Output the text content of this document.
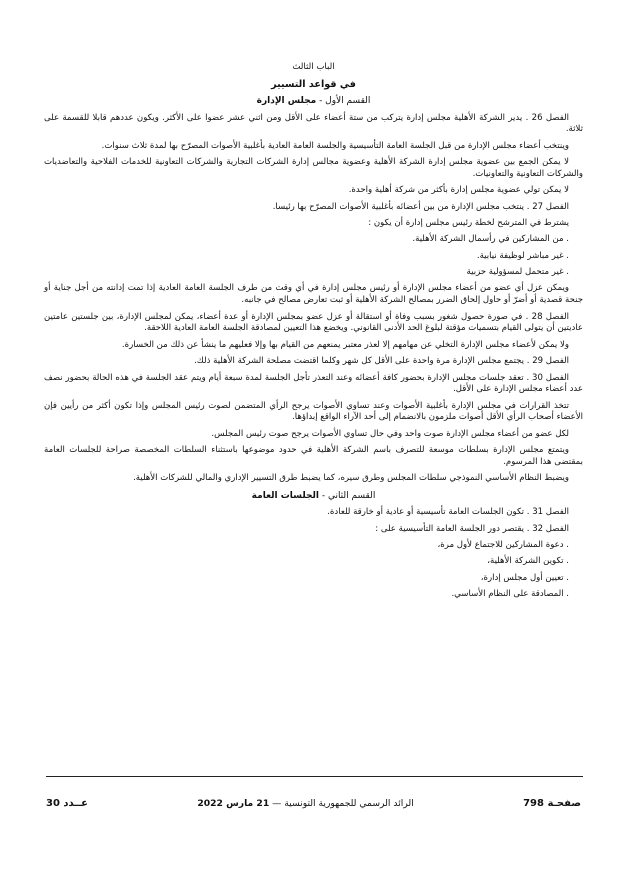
الباب الثالث
في قواعد التسيير
القسم الأول - مجلس الإدارة

الفصل 26 . يدير الشركة الأهلية مجلس إدارة يتركب من ستة أعضاء على الأقل ومن اثني عشر عضوا على الأكثر. ويكون عددهم قابلا للقسمة على ثلاثة.

وينتخب أعضاء مجلس الإدارة من قبل الجلسة العامة التأسيسية والجلسة العامة العادية بأغلبية الأصوات المصرّح بها لمدة ثلاث سنوات.

لا يمكن الجمع بين عضوية مجلس إدارة الشركة الأهلية وعضوية مجالس إدارة الشركات التجارية والشركات التعاونية للخدمات الفلاحية والتعاضديات والشركات التعاونية والتعاونيات.

لا يمكن تولي عضوية مجلس إدارة بأكثر من شركة أهلية واحدة.

الفصل 27 . ينتخب مجلس الإدارة من بين أعضائه بأغلبية الأصوات المصرّح بها رئيسا.

يشترط في المترشح لخطة رئيس مجلس إدارة أن يكون :

. من المشاركين في رأسمال الشركة الأهلية.

. غير مباشر لوظيفة نيابية.

. غير متحمل لمسؤولية حزبية

ويمكن عزل أي عضو من أعضاء مجلس الإدارة أو رئيس مجلس إدارة في أي وقت من طرف الجلسة العامة العادية إذا تمت إدانته من أجل جناية أو جنحة قصدية أو أضرّ أو حاول إلحاق الضرر بمصالح الشركة الأهلية أو ثبت تعارض مصالح في جانبه.

الفصل 28 . في صورة حصول شغور بسبب وفاة أو استقالة أو عزل عضو بمجلس الإدارة أو عدة أعضاء، يمكن لمجلس الإدارة، بين جلستين عامتين عاديتين أن يتولى القيام بتسميات مؤقتة لبلوغ الحد الأدنى القانوني. ويخضع هذا التعيين لمصادقة الجلسة العامة العادية اللاحقة.

ولا يمكن لأعضاء مجلس الإدارة التخلي عن مهامهم إلا لعذر معتبر يمنعهم من القيام بها وإلا فعليهم ما ينشأ عن ذلك من الخسارة.

الفصل 29 . يجتمع مجلس الإدارة مرة واحدة على الأقل كل شهر وكلما اقتضت مصلحة الشركة الأهلية ذلك.

الفصل 30 . تعقد جلسات مجلس الإدارة بحضور كافة أعضائه وعند التعذر تأجل الجلسة لمدة سبعة أيام ويتم عقد الجلسة في هذه الحالة بحضور نصف عدد أعضاء مجلس الإدارة على الأقل.

تتخذ القرارات في مجلس الإدارة بأغلبية الأصوات وعند تساوي الأصوات يرجح الرأي المتضمن لصوت رئيس المجلس وإذا تكون أكثر من رأيين فإن الأعضاء أصحاب الرأي الأقل أصوات ملزمون بالانضمام إلى أحد الآراء الواقع إبداؤها.

لكل عضو من أعضاء مجلس الإدارة صوت واحد وفي حال تساوي الأصوات يرجح صوت رئيس المجلس.

ويتمتع مجلس الإدارة بسلطات موسعة للتصرف باسم الشركة الأهلية في حدود موضوعها باستثناء السلطات المخصصة صراحة للجلسات العامة بمقتضى هذا المرسوم.

ويضبط النظام الأساسي النموذجي سلطات المجلس وطرق سيره، كما يضبط طرق التسيير الإداري والمالي للشركات الأهلية.

القسم الثاني - الجلسات العامة

الفصل 31 . تكون الجلسات العامة تأسيسية أو عادية أو خارقة للعادة.

الفصل 32 . يقتصر دور الجلسة العامة التأسيسية على :

. دعوة المشاركين للاجتماع لأول مرة،

. تكوين الشركة الأهلية،

. تعيين أول مجلس إدارة،

. المصادقة على النظام الأساسي.

صفحـة 798
الرائد الرسمي للجمهورية التونسية — 21 مارس 2022
عــدد 30
